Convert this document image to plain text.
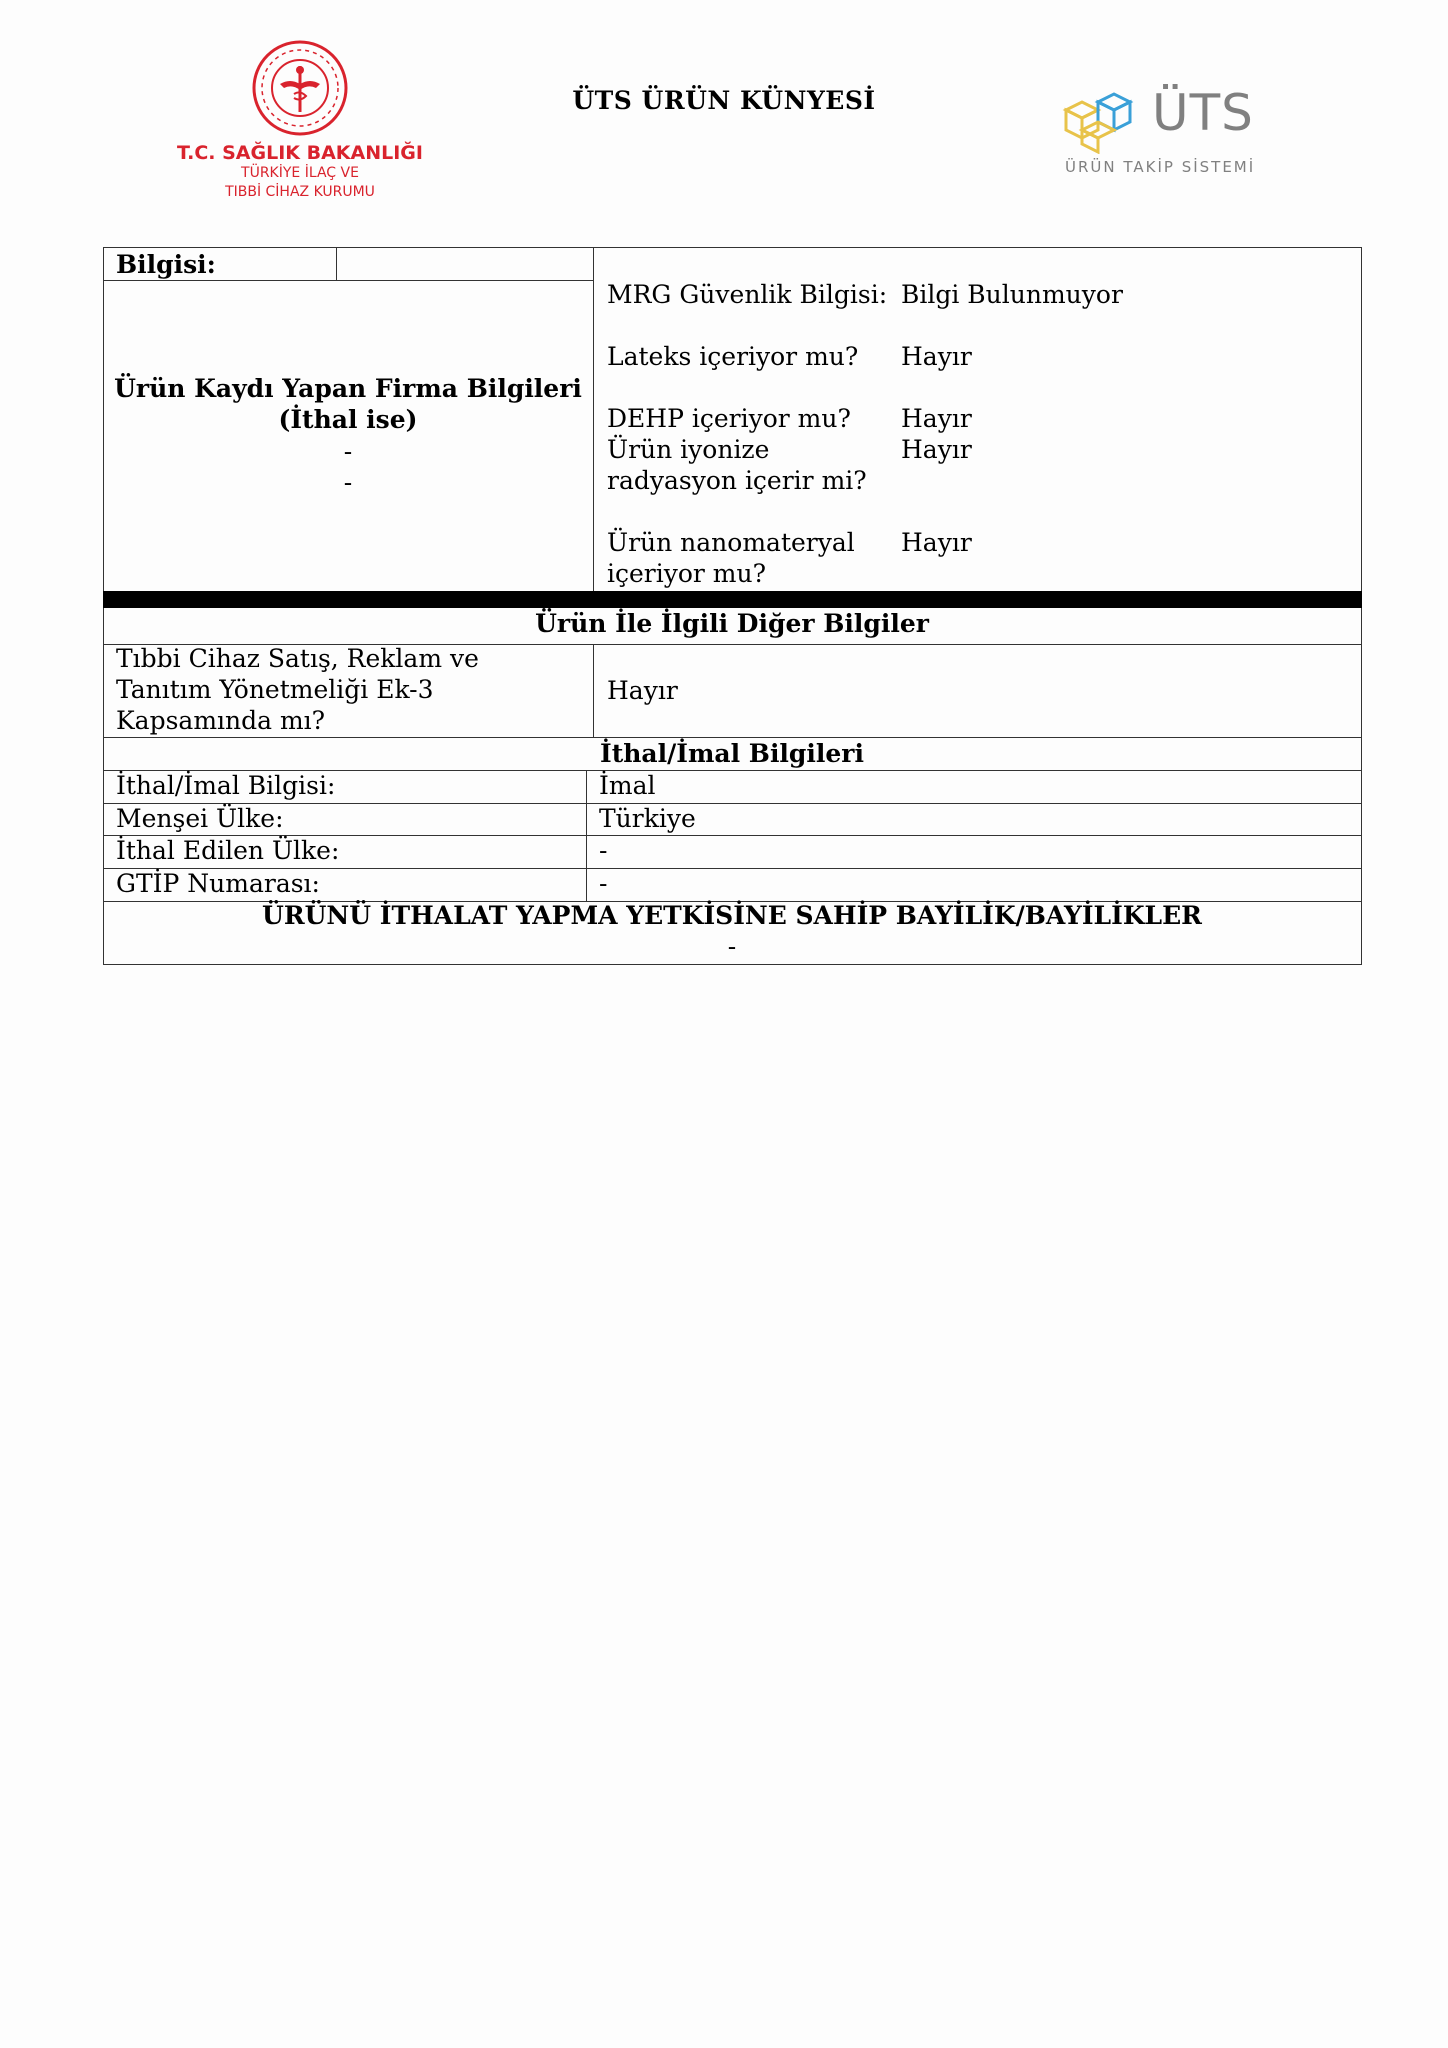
T.C. SAĞLIK BAKANLIĞI
TÜRKİYE İLAÇ VE
TIBBİ CİHAZ KURUMU
ÜTS ÜRÜN KÜNYESİ	ÜTS
ÜRÜN TAKİP SİSTEMİ
Bilgisi:
Ürün Kaydı Yapan Firma Bilgileri (İthal ise)
-
-
MRG Güvenlik Bilgisi: Bilgi Bulunmuyor
Lateks içeriyor mu?	Hayır
DEHP içeriyor mu?	Hayır
Ürün iyonize radyasyon içerir mi?
Hayır
Ürün nanomateryal içeriyor mu?
Hayır
Ürün İle İlgili Diğer Bilgiler
Tıbbi Cihaz Satış, Reklam ve Tanıtım Yönetmeliği Ek-3 Kapsamında mı?
Hayır
İthal/İmal Bilgileri
İthal/İmal Bilgisi:	İmal
Menşei Ülke:	Türkiye
İthal Edilen Ülke:	-
GTİP Numarası:	-
ÜRÜNÜ İTHALAT YAPMA YETKİSİNE SAHİP BAYİLİK/BAYİLİKLER
-
